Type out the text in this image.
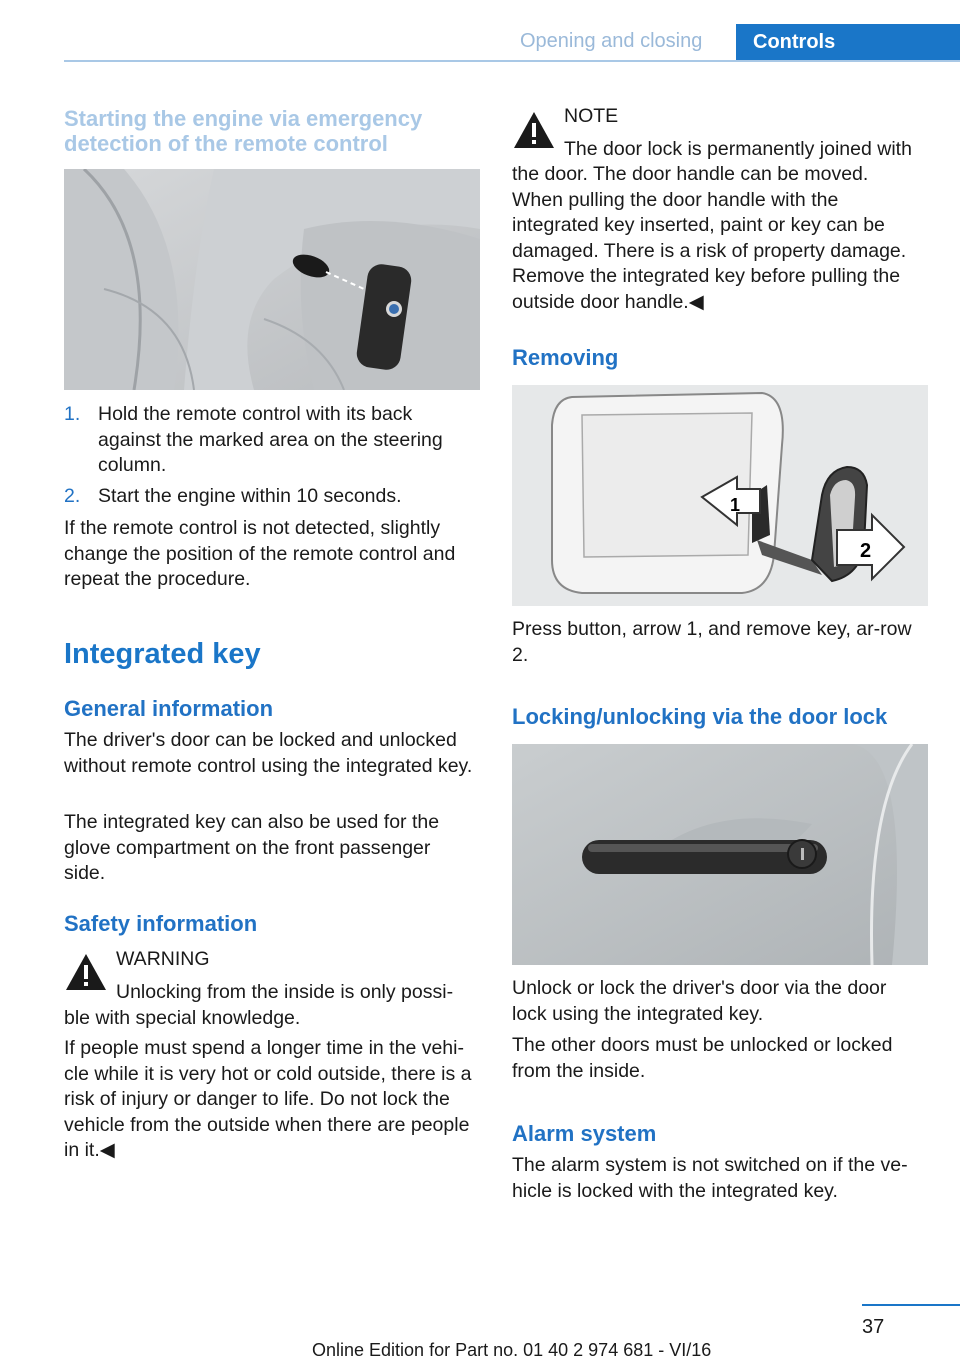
Opening and closing	Controls
Starting the engine via emergency detection of the remote control
1. Hold the remote control with its back against the marked area on the steering column.
2. Start the engine within 10 seconds.

If the remote control is not detected, slightly change the position of the remote control and repeat the procedure.

Integrated key
General information

The driver's door can be locked and unlocked without remote control using the integrated key.

The integrated key can also be used for the glove compartment on the front passenger side.

Safety information

WARNING

Unlocking from the inside is only possi-

ble with special knowledge.

If people must spend a longer time in the vehi-cle while it is very hot or cold outside, there is a risk of injury or danger to life. Do not lock the vehicle from the outside when there are people in it.◀

NOTE

The door lock is permanently joined with

the door. The door handle can be moved. When pulling the door handle with the integrated key inserted, paint or key can be damaged. There is a risk of property damage. Remove the integrated key before pulling the outside door handle.◀

Removing
1
2

Press button, arrow 1, and remove key, ar-row 2.

Locking/unlocking via the door lock

Unlock or lock the driver's door via the door lock using the integrated key.

The other doors must be unlocked or locked from the inside.

Alarm system

The alarm system is not switched on if the ve-hicle is locked with the integrated key.

37
Online Edition for Part no. 01 40 2 974 681 - VI/16
